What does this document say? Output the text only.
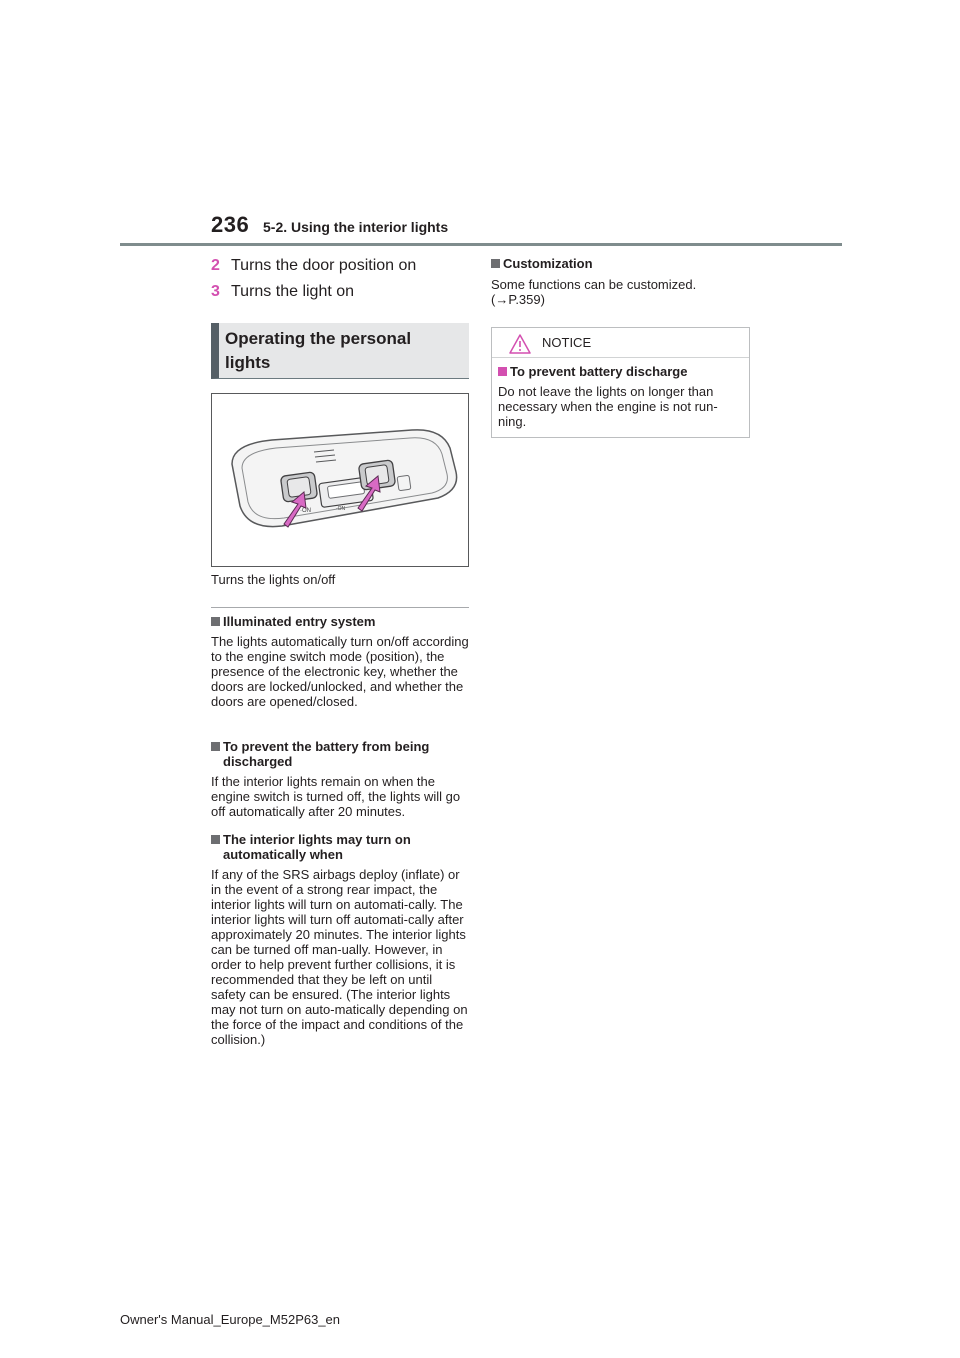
236 5-2. Using the interior lights
2 Turns the door position on
3 Turns the light on
Operating the personal
lights
·ON	·ON
Turns the lights on/off
Illuminated entry system
The lights automatically turn on/off according to the engine switch mode (position), the presence of the electronic key, whether the doors are locked/unlocked, and whether the doors are opened/closed.
To prevent the battery from being discharged
If the interior lights remain on when the engine switch is turned off, the lights will go off automatically after 20 minutes.
The interior lights may turn on automatically when
If any of the SRS airbags deploy (inflate) or in the event of a strong rear impact, the interior lights will turn on automati-cally. The interior lights will turn off automati-cally after approximately 20 minutes. The interior lights can be turned off man-ually. However, in order to help prevent further collisions, it is recommended that they be left on until safety can be ensured. (The interior lights may not turn on auto-matically depending on the force of the impact and conditions of the collision.)
Customization
Some functions can be customized. (→P.359)
NOTICE
To prevent battery discharge
Do not leave the lights on longer than necessary when the engine is not run-ning.
Owner's Manual_Europe_M52P63_en
